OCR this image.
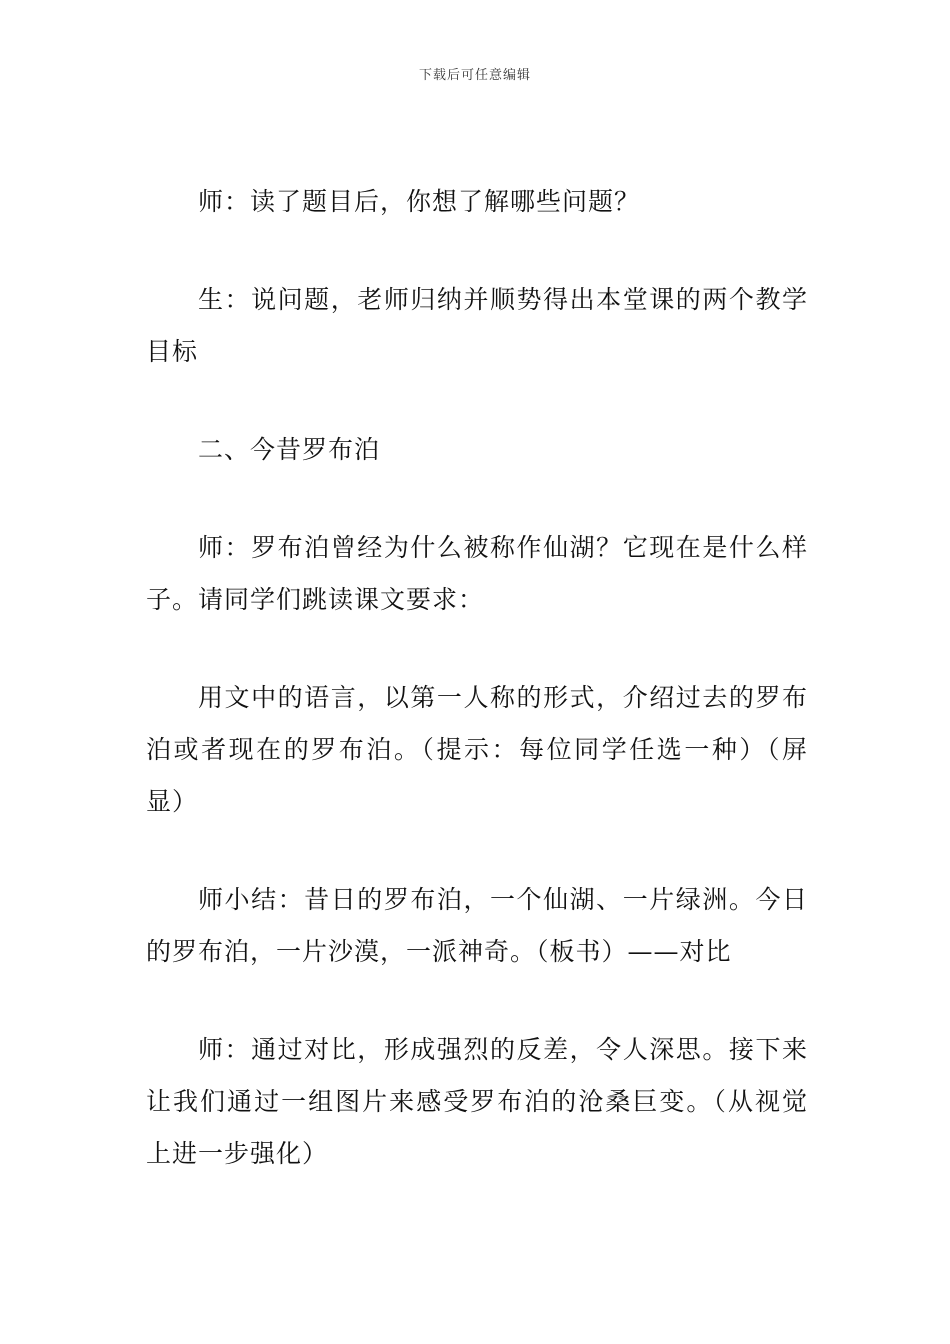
下载后可任意编辑

师：读了题目后，你想了解哪些问题？

生：说问题，老师归纳并顺势得出本堂课的两个教学目标

二、今昔罗布泊

师：罗布泊曾经为什么被称作仙湖？它现在是什么样子。请同学们跳读课文要求：

用文中的语言，以第一人称的形式，介绍过去的罗布泊或者现在的罗布泊。（提示：每位同学任选一种）（屏显）

师小结：昔日的罗布泊，一个仙湖、一片绿洲。今日的罗布泊，一片沙漠，一派神奇。（板书）——对比

师：通过对比，形成强烈的反差，令人深思。接下来让我们通过一组图片来感受罗布泊的沧桑巨变。（从视觉上进一步强化）
